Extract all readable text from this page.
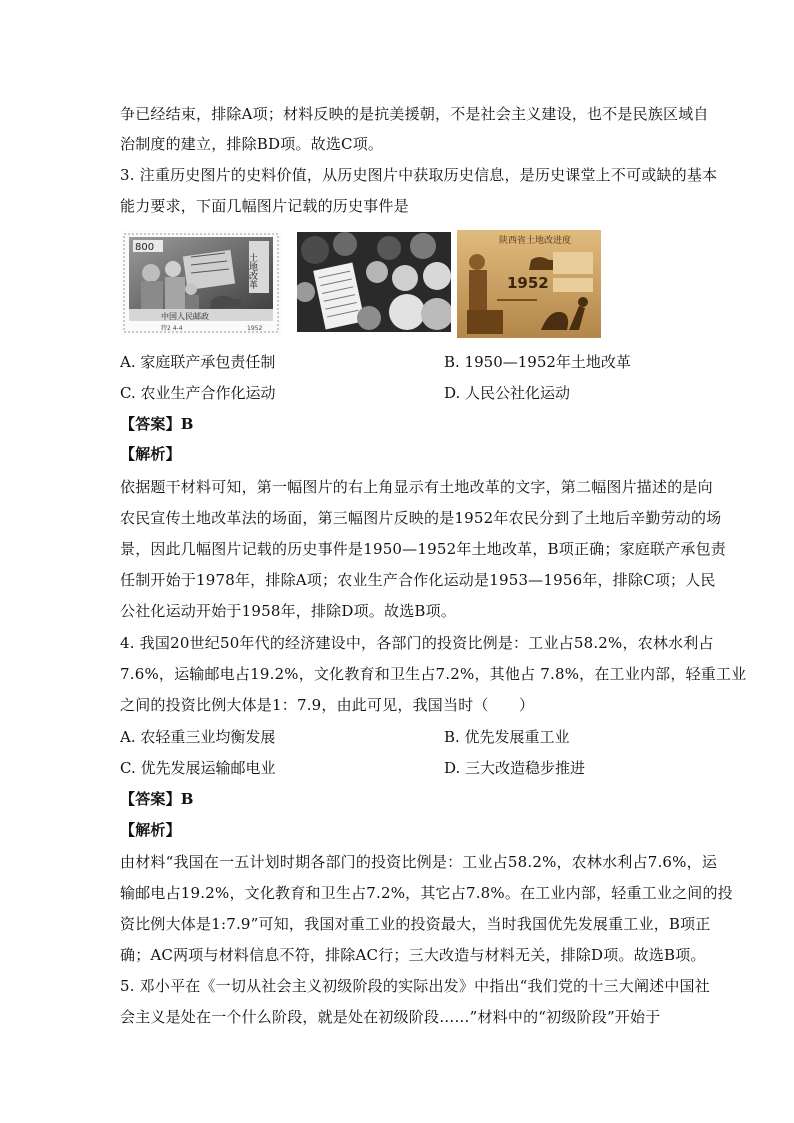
争已经结束，排除A项；材料反映的是抗美援朝，不是社会主义建设，也不是民族区域自
治制度的建立，排除BD项。故选C项。
3. 注重历史图片的史料价值，从历史图片中获取历史信息，是历史课堂上不可或缺的基本
能力要求，下面几幅图片记载的历史事件是
800
土地改革
中国人民邮政
特2 4-4	1952
陕西省土地改进度
1952
A. 家庭联产承包责任制	B. 1950—1952年土地改革
C. 农业生产合作化运动	D. 人民公社化运动
【答案】B
【解析】
依据题干材料可知，第一幅图片的右上角显示有土地改革的文字，第二幅图片描述的是向
农民宣传土地改革法的场面，第三幅图片反映的是1952年农民分到了土地后辛勤劳动的场
景，因此几幅图片记载的历史事件是1950—1952年土地改革，B项正确；家庭联产承包责
任制开始于1978年，排除A项；农业生产合作化运动是1953—1956年，排除C项；人民
公社化运动开始于1958年，排除D项。故选B项。
4. 我国20世纪50年代的经济建设中，各部门的投资比例是：工业占58.2%，农林水利占
7.6%，运输邮电占19.2%，文化教育和卫生占7.2%，其他占 7.8%，在工业内部，轻重工业
之间的投资比例大体是1：7.9，由此可见，我国当时（　　）
A. 农轻重三业均衡发展	B. 优先发展重工业
C. 优先发展运输邮电业	D. 三大改造稳步推进
【答案】B
【解析】
由材料“我国在一五计划时期各部门的投资比例是：工业占58.2%，农林水利占7.6%，运
输邮电占19.2%，文化教育和卫生占7.2%，其它占7.8%。在工业内部，轻重工业之间的投
资比例大体是1:7.9”可知，我国对重工业的投资最大，当时我国优先发展重工业，B项正
确；AC两项与材料信息不符，排除AC行；三大改造与材料无关，排除D项。故选B项。
5. 邓小平在《一切从社会主义初级阶段的实际出发》中指出“我们党的十三大阐述中国社
会主义是处在一个什么阶段，就是处在初级阶段……”材料中的“初级阶段”开始于
